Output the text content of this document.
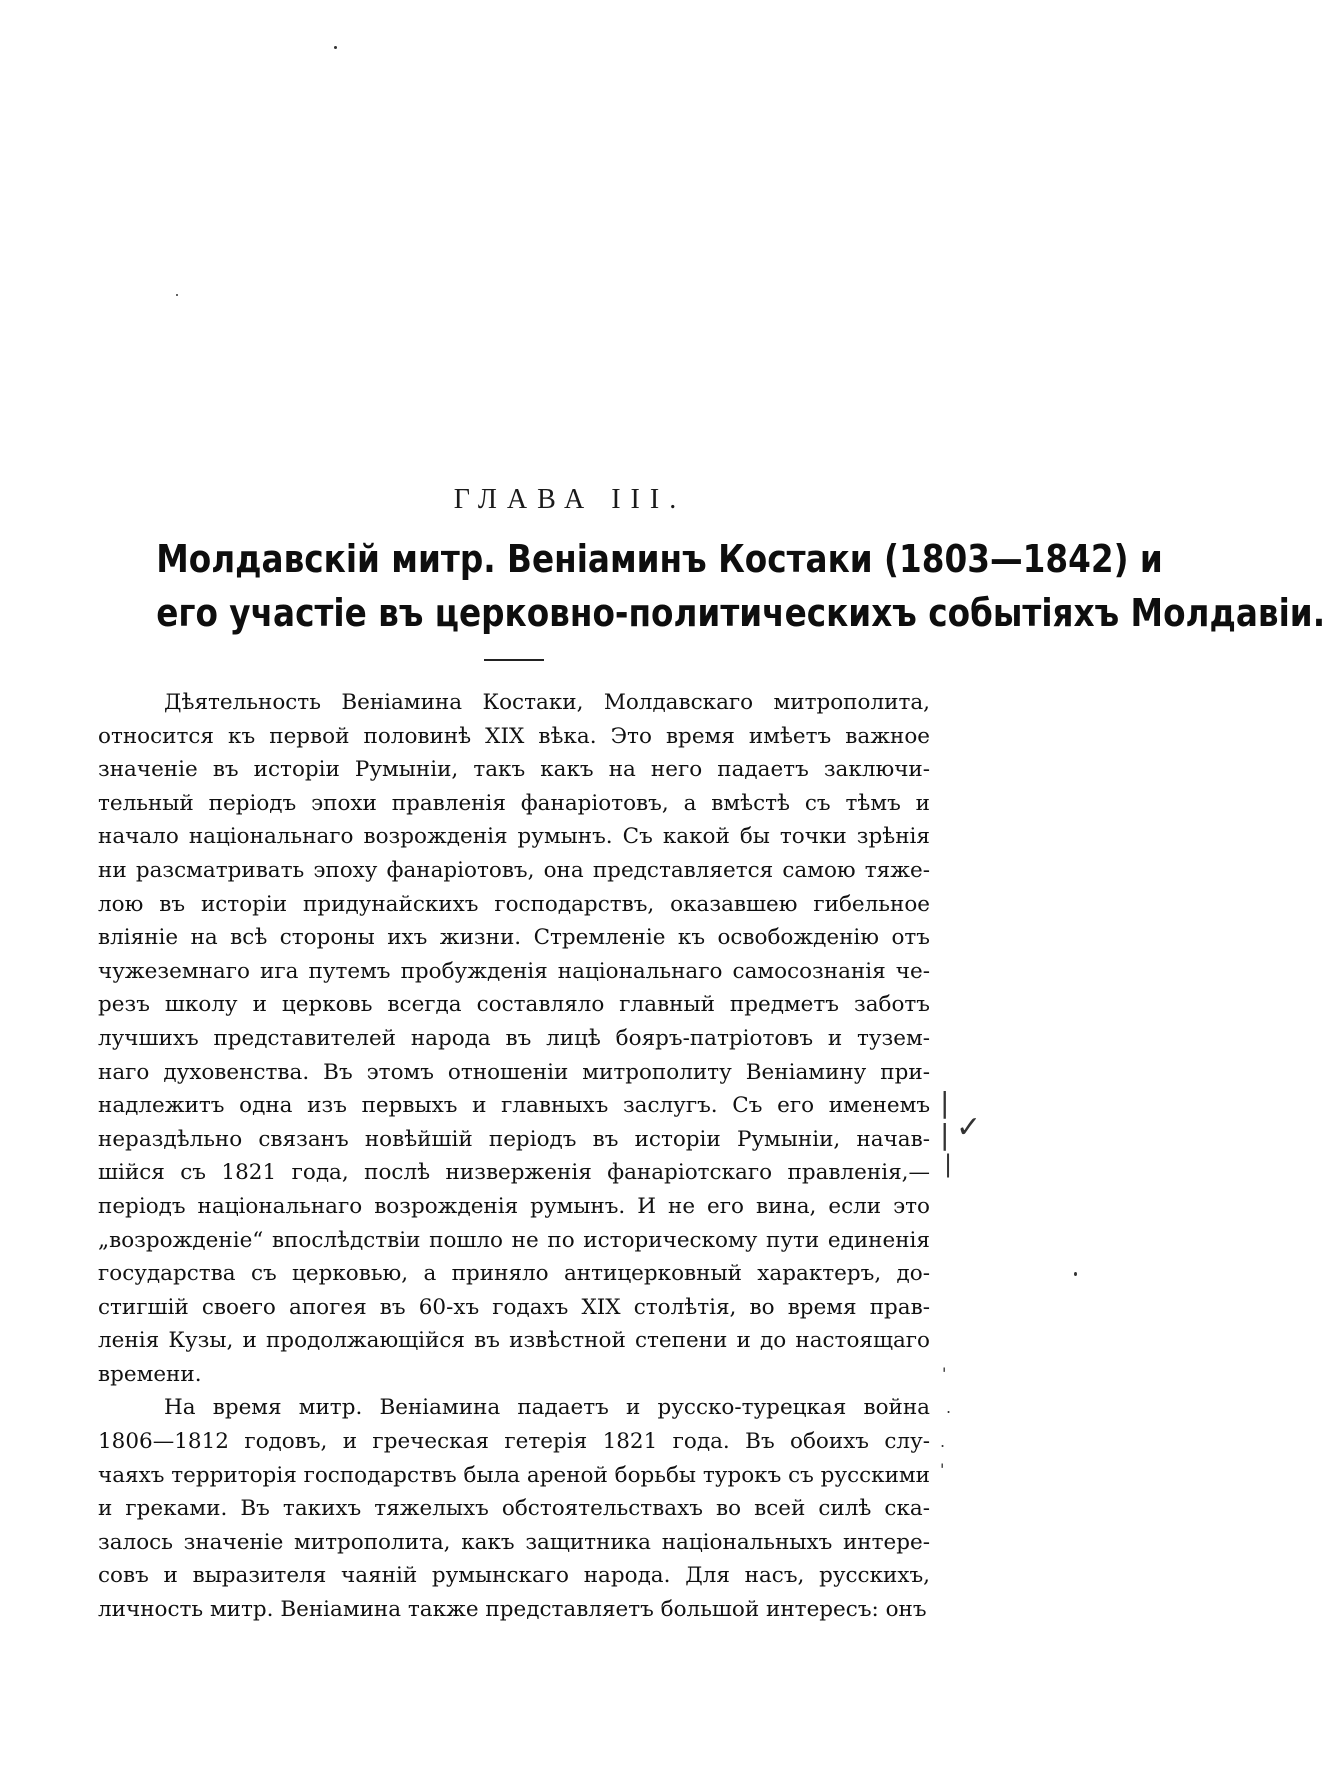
ГЛАВА III.
Молдавскій митр. Веніаминъ Костаки (1803—1842) и
его участіе въ церковно-политическихъ событіяхъ Молдавіи.
Дѣятельность Веніамина Костаки, Молдавскаго митрополита,
относится къ первой половинѣ XIX вѣка. Это время имѣетъ важное
значеніе въ исторіи Румыніи, такъ какъ на него падаетъ заключи-
тельный періодъ эпохи правленія фанаріотовъ, а вмѣстѣ съ тѣмъ и
начало національнаго возрожденія румынъ. Съ какой бы точки зрѣнія
ни разсматривать эпоху фанаріотовъ, она представляется самою тяже-
лою въ исторіи придунайскихъ господарствъ, оказавшею гибельное
вліяніе на всѣ стороны ихъ жизни. Стремленіе къ освобожденію отъ
чужеземнаго ига путемъ пробужденія національнаго самосознанія че-
резъ школу и церковь всегда составляло главный предметъ заботъ
лучшихъ представителей народа въ лицѣ бояръ-патріотовъ и тузем-
наго духовенства. Въ этомъ отношеніи митрополиту Веніамину при-
надлежитъ одна изъ первыхъ и главныхъ заслугъ. Съ его именемъ
нераздѣльно связанъ новѣйшій періодъ въ исторіи Румыніи, начав-
шійся съ 1821 года, послѣ низверженія фанаріотскаго правленія,—
періодъ національнаго возрожденія румынъ. И не его вина, если это
„возрожденіе“ впослѣдствіи пошло не по историческому пути единенія
государства съ церковью, а приняло антицерковный характеръ, до-
стигшій своего апогея въ 60-хъ годахъ XIX столѣтія, во время прав-
ленія Кузы, и продолжающійся въ извѣстной степени и до настоящаго
времени.
На время митр. Веніамина падаетъ и русско-турецкая война
1806—1812 годовъ, и греческая гетерія 1821 года. Въ обоихъ слу-
чаяхъ территорія господарствъ была ареной борьбы турокъ съ русскими
и греками. Въ такихъ тяжелыхъ обстоятельствахъ во всей силѣ ска-
залось значеніе митрополита, какъ защитника національныхъ интере-
совъ и выразителя чаяній румынскаго народа. Для насъ, русскихъ,
личность митр. Веніамина также представляетъ большой интересъ: онъ
|
|
|
✓
'
.
.
'
